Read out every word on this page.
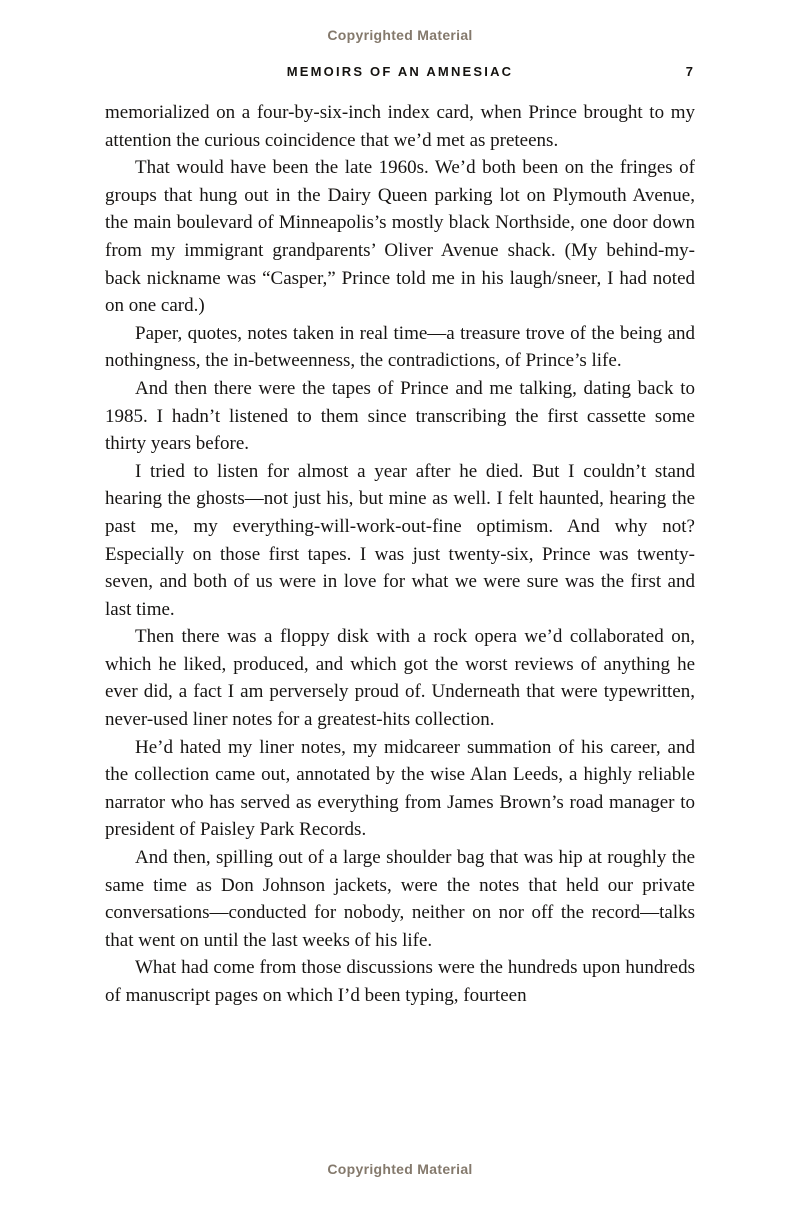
Copyrighted Material
MEMOIRS OF AN AMNESIAC	7

memorialized on a four-by-six-inch index card, when Prince brought to my attention the curious coincidence that we’d met as preteens.

That would have been the late 1960s. We’d both been on the fringes of groups that hung out in the Dairy Queen parking lot on Plymouth Avenue, the main boulevard of Minneapolis’s mostly black Northside, one door down from my immigrant grandparents’ Oliver Avenue shack. (My behind-my-back nickname was “Casper,” Prince told me in his laugh/sneer, I had noted on one card.)

Paper, quotes, notes taken in real time—a treasure trove of the being and nothingness, the in-betweenness, the contradictions, of Prince’s life.

And then there were the tapes of Prince and me talking, dating back to 1985. I hadn’t listened to them since transcribing the first cassette some thirty years before.

I tried to listen for almost a year after he died. But I couldn’t stand hearing the ghosts—not just his, but mine as well. I felt haunted, hearing the past me, my everything-will-work-out-fine optimism. And why not? Especially on those first tapes. I was just twenty-six, Prince was twenty-seven, and both of us were in love for what we were sure was the first and last time.

Then there was a floppy disk with a rock opera we’d collaborated on, which he liked, produced, and which got the worst reviews of anything he ever did, a fact I am perversely proud of. Underneath that were typewritten, never-used liner notes for a greatest-hits collection.

He’d hated my liner notes, my midcareer summation of his career, and the collection came out, annotated by the wise Alan Leeds, a highly reliable narrator who has served as everything from James Brown’s road manager to president of Paisley Park Records.

And then, spilling out of a large shoulder bag that was hip at roughly the same time as Don Johnson jackets, were the notes that held our private conversations—conducted for nobody, neither on nor off the record—talks that went on until the last weeks of his life.

What had come from those discussions were the hundreds upon hundreds of manuscript pages on which I’d been typing, fourteen

Copyrighted Material
